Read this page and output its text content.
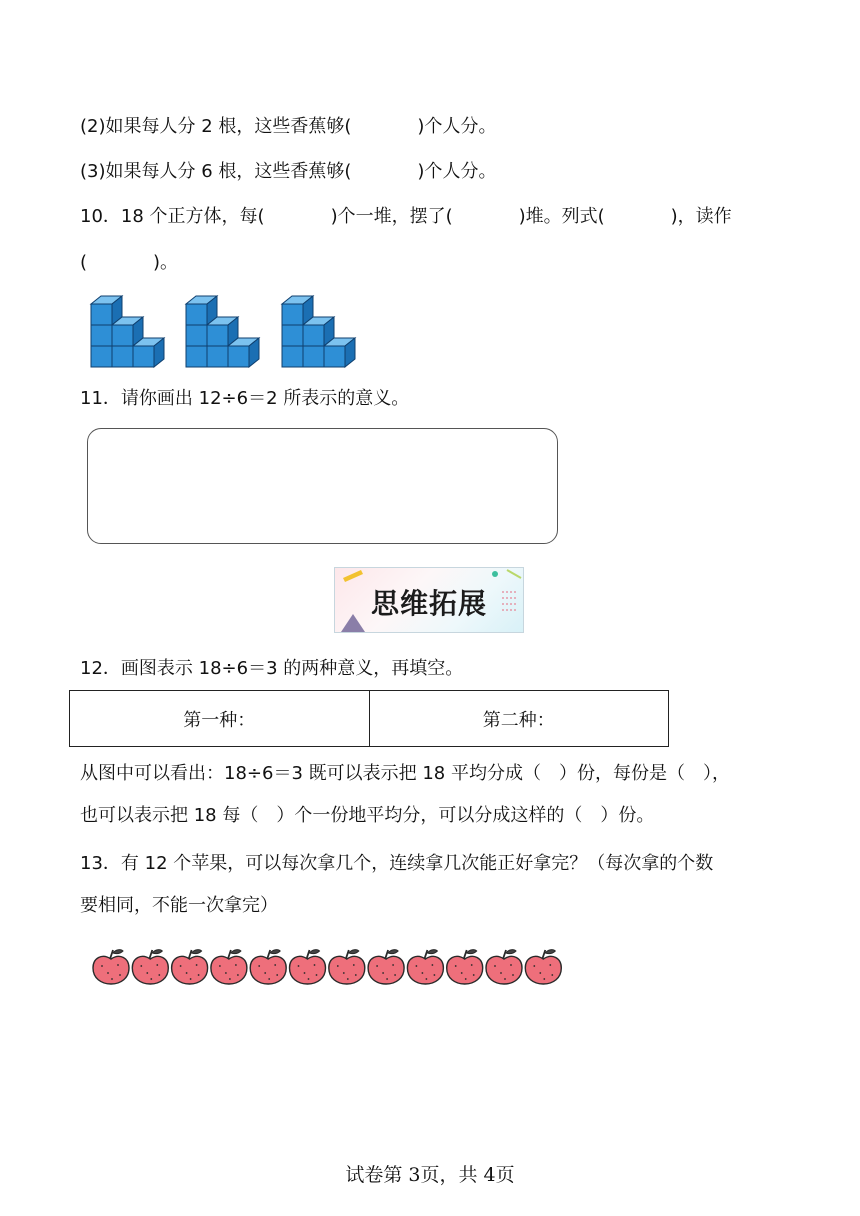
(2)如果每人分 2 根，这些香蕉够(	)个人分。
(3)如果每人分 6 根，这些香蕉够(	)个人分。
10．18 个正方体，每(	)个一堆，摆了(	)堆。列式(	)，读作
(	)。
11．请你画出 12÷6＝2 所表示的意义。
思维拓展
12．画图表示 18÷6＝3 的两种意义，再填空。
第一种：	第二种：
从图中可以看出：18÷6＝3 既可以表示把 18 平均分成（　）份，每份是（　），
也可以表示把 18 每（　）个一份地平均分，可以分成这样的（　）份。
13．有 12 个苹果，可以每次拿几个，连续拿几次能正好拿完？（每次拿的个数
要相同，不能一次拿完）
试卷第 3页，共 4页
